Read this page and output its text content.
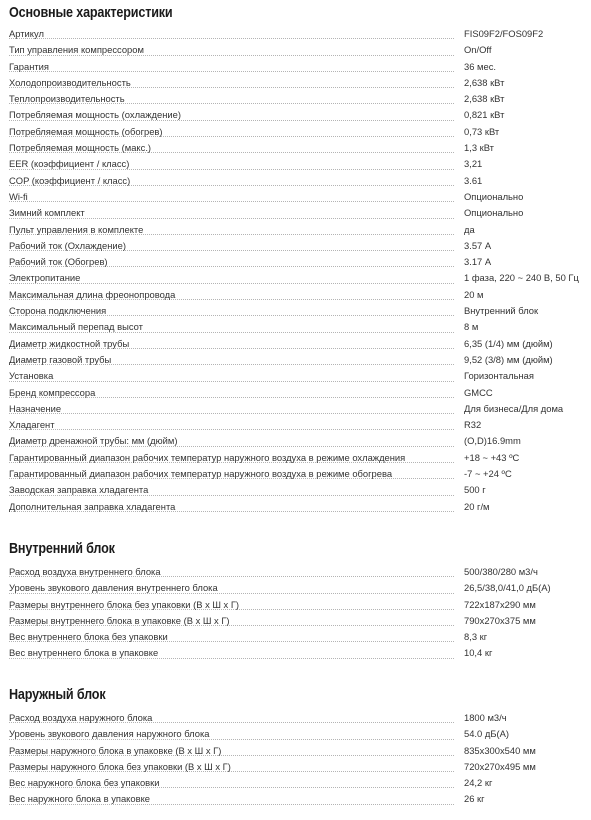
Основные характеристики
Артикул	FIS09F2/FOS09F2
Тип управления компрессором	On/Off
Гарантия	36 мес.
Холодопроизводительность	2,638 кВт
Теплопроизводительность	2,638 кВт
Потребляемая мощность (охлаждение)	0,821 кВт
Потребляемая мощность (обогрев)	0,73 кВт
Потребляемая мощность (макс.)	1,3 кВт
EER (коэффициент / класс)	3,21
COP (коэффициент / класс)	3.61
Wi-fi	Опционально
Зимний комплект	Опционально
Пульт управления в комплекте	да
Рабочий ток (Охлаждение)	3.57 А
Рабочий ток (Обогрев)	3.17 А
Электропитание	1 фаза, 220 ~ 240 В, 50 Гц
Максимальная длина фреонопровода	20 м
Сторона подключения	Внутренний блок
Максимальный перепад высот	8 м
Диаметр жидкостной трубы	6,35 (1/4) мм (дюйм)
Диаметр газовой трубы	9,52 (3/8) мм (дюйм)
Установка	Горизонтальная
Бренд компрессора	GMCC
Назначение	Для бизнеса/Для дома
Хладагент	R32
Диаметр дренажной трубы: мм (дюйм)	(O,D)16.9mm
Гарантированный диапазон рабочих температур наружного воздуха в режиме охлаждения	+18 ~ +43 ºC
Гарантированный диапазон рабочих температур наружного воздуха в режиме обогрева	-7 ~ +24 ºC
Заводская заправка хладагента	500 г
Дополнительная заправка хладагента	20 г/м
Внутренний блок
Расход воздуха внутреннего блока	500/380/280 м3/ч
Уровень звукового давления внутреннего блока	26,5/38,0/41,0 дБ(А)
Размеры внутреннего блока без упаковки (В х Ш х Г)	722x187x290 мм
Размеры внутреннего блока в упаковке (В х Ш х Г)	790x270x375 мм
Вес внутреннего блока без упаковки	8,3 кг
Вес внутреннего блока в упаковке	10,4 кг
Наружный блок
Расход воздуха наружного блока	1800 м3/ч
Уровень звукового давления наружного блока	54.0 дБ(А)
Размеры наружного блока в упаковке (В х Ш х Г)	835x300x540 мм
Размеры наружного блока без упаковки (В х Ш х Г)	720x270x495 мм
Вес наружного блока без упаковки	24,2 кг
Вес наружного блока в упаковке	26 кг
